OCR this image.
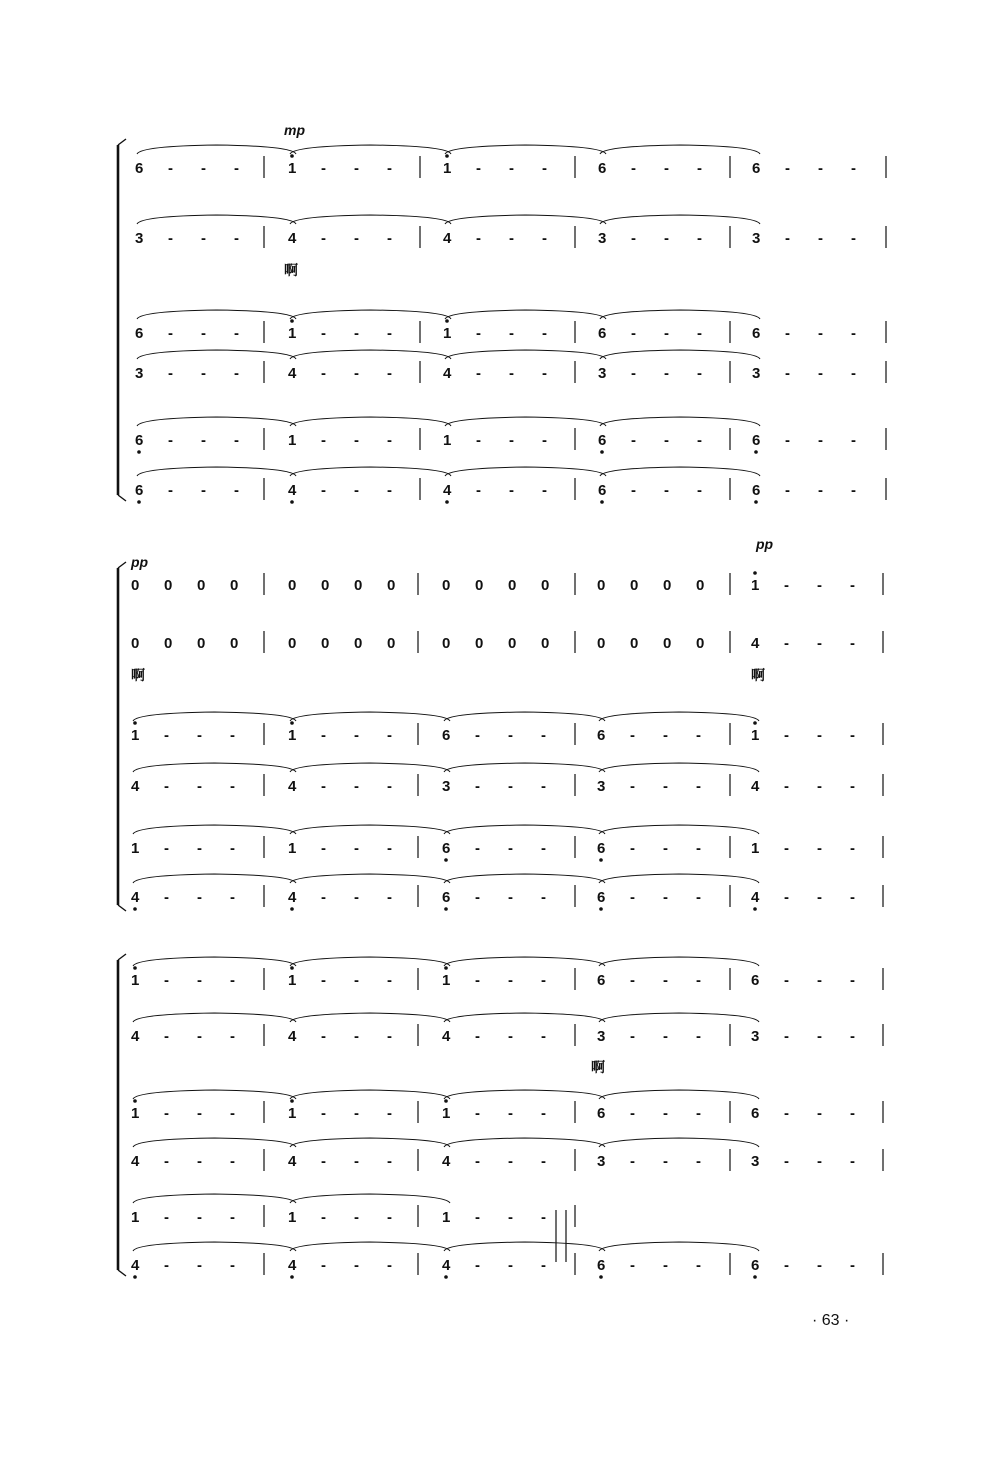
6 - - -	1 - - -	1 - - -	6 - - -	6 - - -
3 - - -	4 - - -	4 - - -	3 - - -	3 - - -
6 - - -	1 - - -	1 - - -	6 - - -	6 - - -
3 - - -	4 - - -	4 - - -	3 - - -	3 - - -
6 - - -	1 - - -	1 - - -	6 - - -	6 - - -
6 - - -	4 - - -	4 - - -	6 - - -	6 - - -
0 0 0 0	0 0 0 0	0 0 0 0	0 0 0 0	1 - - -
0 0 0 0	0 0 0 0	0 0 0 0	0 0 0 0	4 - - -
1 - - -	1 - - -	6 - - -	6 - - -	1 - - -
4 - - -	4 - - -	3 - - -	3 - - -	4 - - -
1 - - -	1 - - -	6 - - -	6 - - -	1 - - -
4 - - -	4 - - -	6 - - -	6 - - -	4 - - -
1 - - -	1 - - -	1 - - -	6 - - -	6 - - -
4 - - -	4 - - -	4 - - -	3 - - -	3 - - -
1 - - -	1 - - -	1 - - -	6 - - -	6 - - -
4 - - -	4 - - -	4 - - -	3 - - -	3 - - -
1 - - -	1 - - -	1 - - -
4 - - -	4 - - -	4 - - -	6 - - -	6 - - -
mp
啊
pp
pp
啊	啊
啊
· 63 ·
